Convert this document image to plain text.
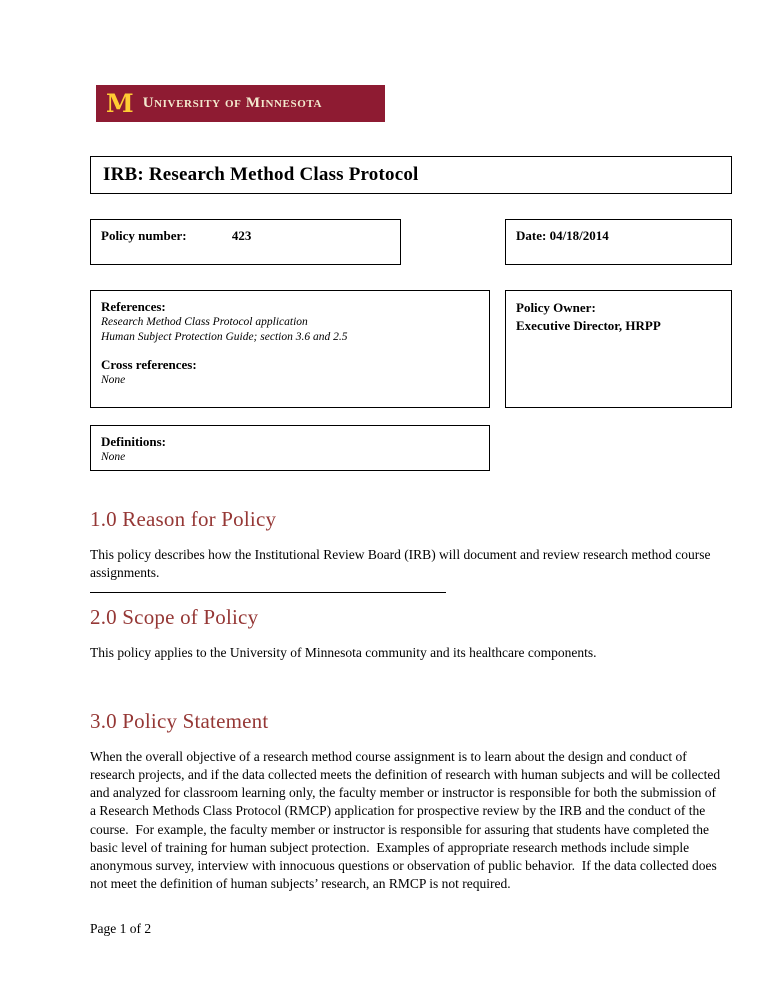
M University of Minnesota
IRB: Research Method Class Protocol
Policy number:	423	Date: 04/18/2014
References:
Research Method Class Protocol application
Human Subject Protection Guide; section 3.6 and 2.5
Cross references:
None
Policy Owner:
Executive Director, HRPP
Definitions:
None
1.0 Reason for Policy

This policy describes how the Institutional Review Board (IRB) will document and review research method course assignments.

2.0 Scope of Policy

This policy applies to the University of Minnesota community and its healthcare components.

3.0 Policy Statement

When the overall objective of a research method course assignment is to learn about the design and conduct of research projects, and if the data collected meets the definition of research with human subjects and will be collected and analyzed for classroom learning only, the faculty member or instructor is responsible for both the submission of a Research Methods Class Protocol (RMCP) application for prospective review by the IRB and the conduct of the course.  For example, the faculty member or instructor is responsible for assuring that students have completed the basic level of training for human subject protection.  Examples of appropriate research methods include simple anonymous survey, interview with innocuous questions or observation of public behavior.  If the data collected does not meet the definition of human subjects’ research, an RMCP is not required.

Page 1 of 2
